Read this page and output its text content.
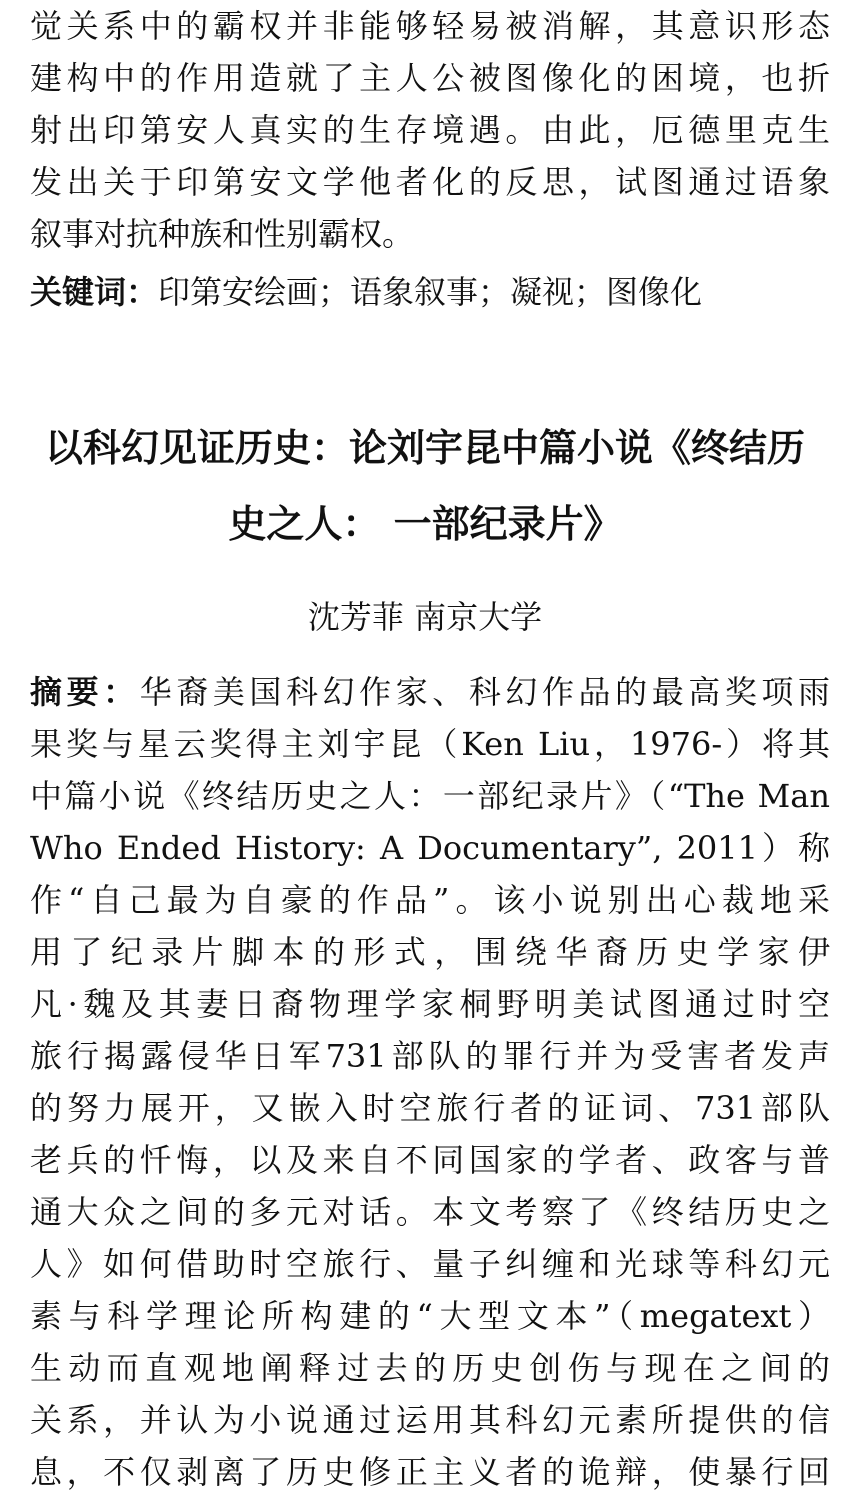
觉关系中的霸权并非能够轻易被消解，其意识形态
建构中的作用造就了主人公被图像化的困境，也折
射出印第安人真实的生存境遇。由此，厄德里克生
发出关于印第安文学他者化的反思，试图通过语象
叙事对抗种族和性别霸权。
关键词：印第安绘画；语象叙事；凝视；图像化
以科幻见证历史：论刘宇昆中篇小说《终结历
史之人： 一部纪录片》
沈芳菲 南京大学
摘要：华裔美国科幻作家、科幻作品的最高奖项雨
果奖与星云奖得主刘宇昆（Ken Liu，1976-）将其
中篇小说《终结历史之人：一部纪录片》（“The Man
Who Ended History: A Documentary”, 2011）称
作“自己最为自豪的作品”。该小说别出心裁地采
用了纪录片脚本的形式，围绕华裔历史学家伊
凡·魏及其妻日裔物理学家桐野明美试图通过时空
旅行揭露侵华日军731部队的罪行并为受害者发声
的努力展开，又嵌入时空旅行者的证词、731部队
老兵的忏悔，以及来自不同国家的学者、政客与普
通大众之间的多元对话。本文考察了《终结历史之
人》如何借助时空旅行、量子纠缠和光球等科幻元
素与科学理论所构建的“大型文本”（megatext）
生动而直观地阐释过去的历史创伤与现在之间的
关系，并认为小说通过运用其科幻元素所提供的信
息，不仅剥离了历史修正主义者的诡辩，使暴行回
